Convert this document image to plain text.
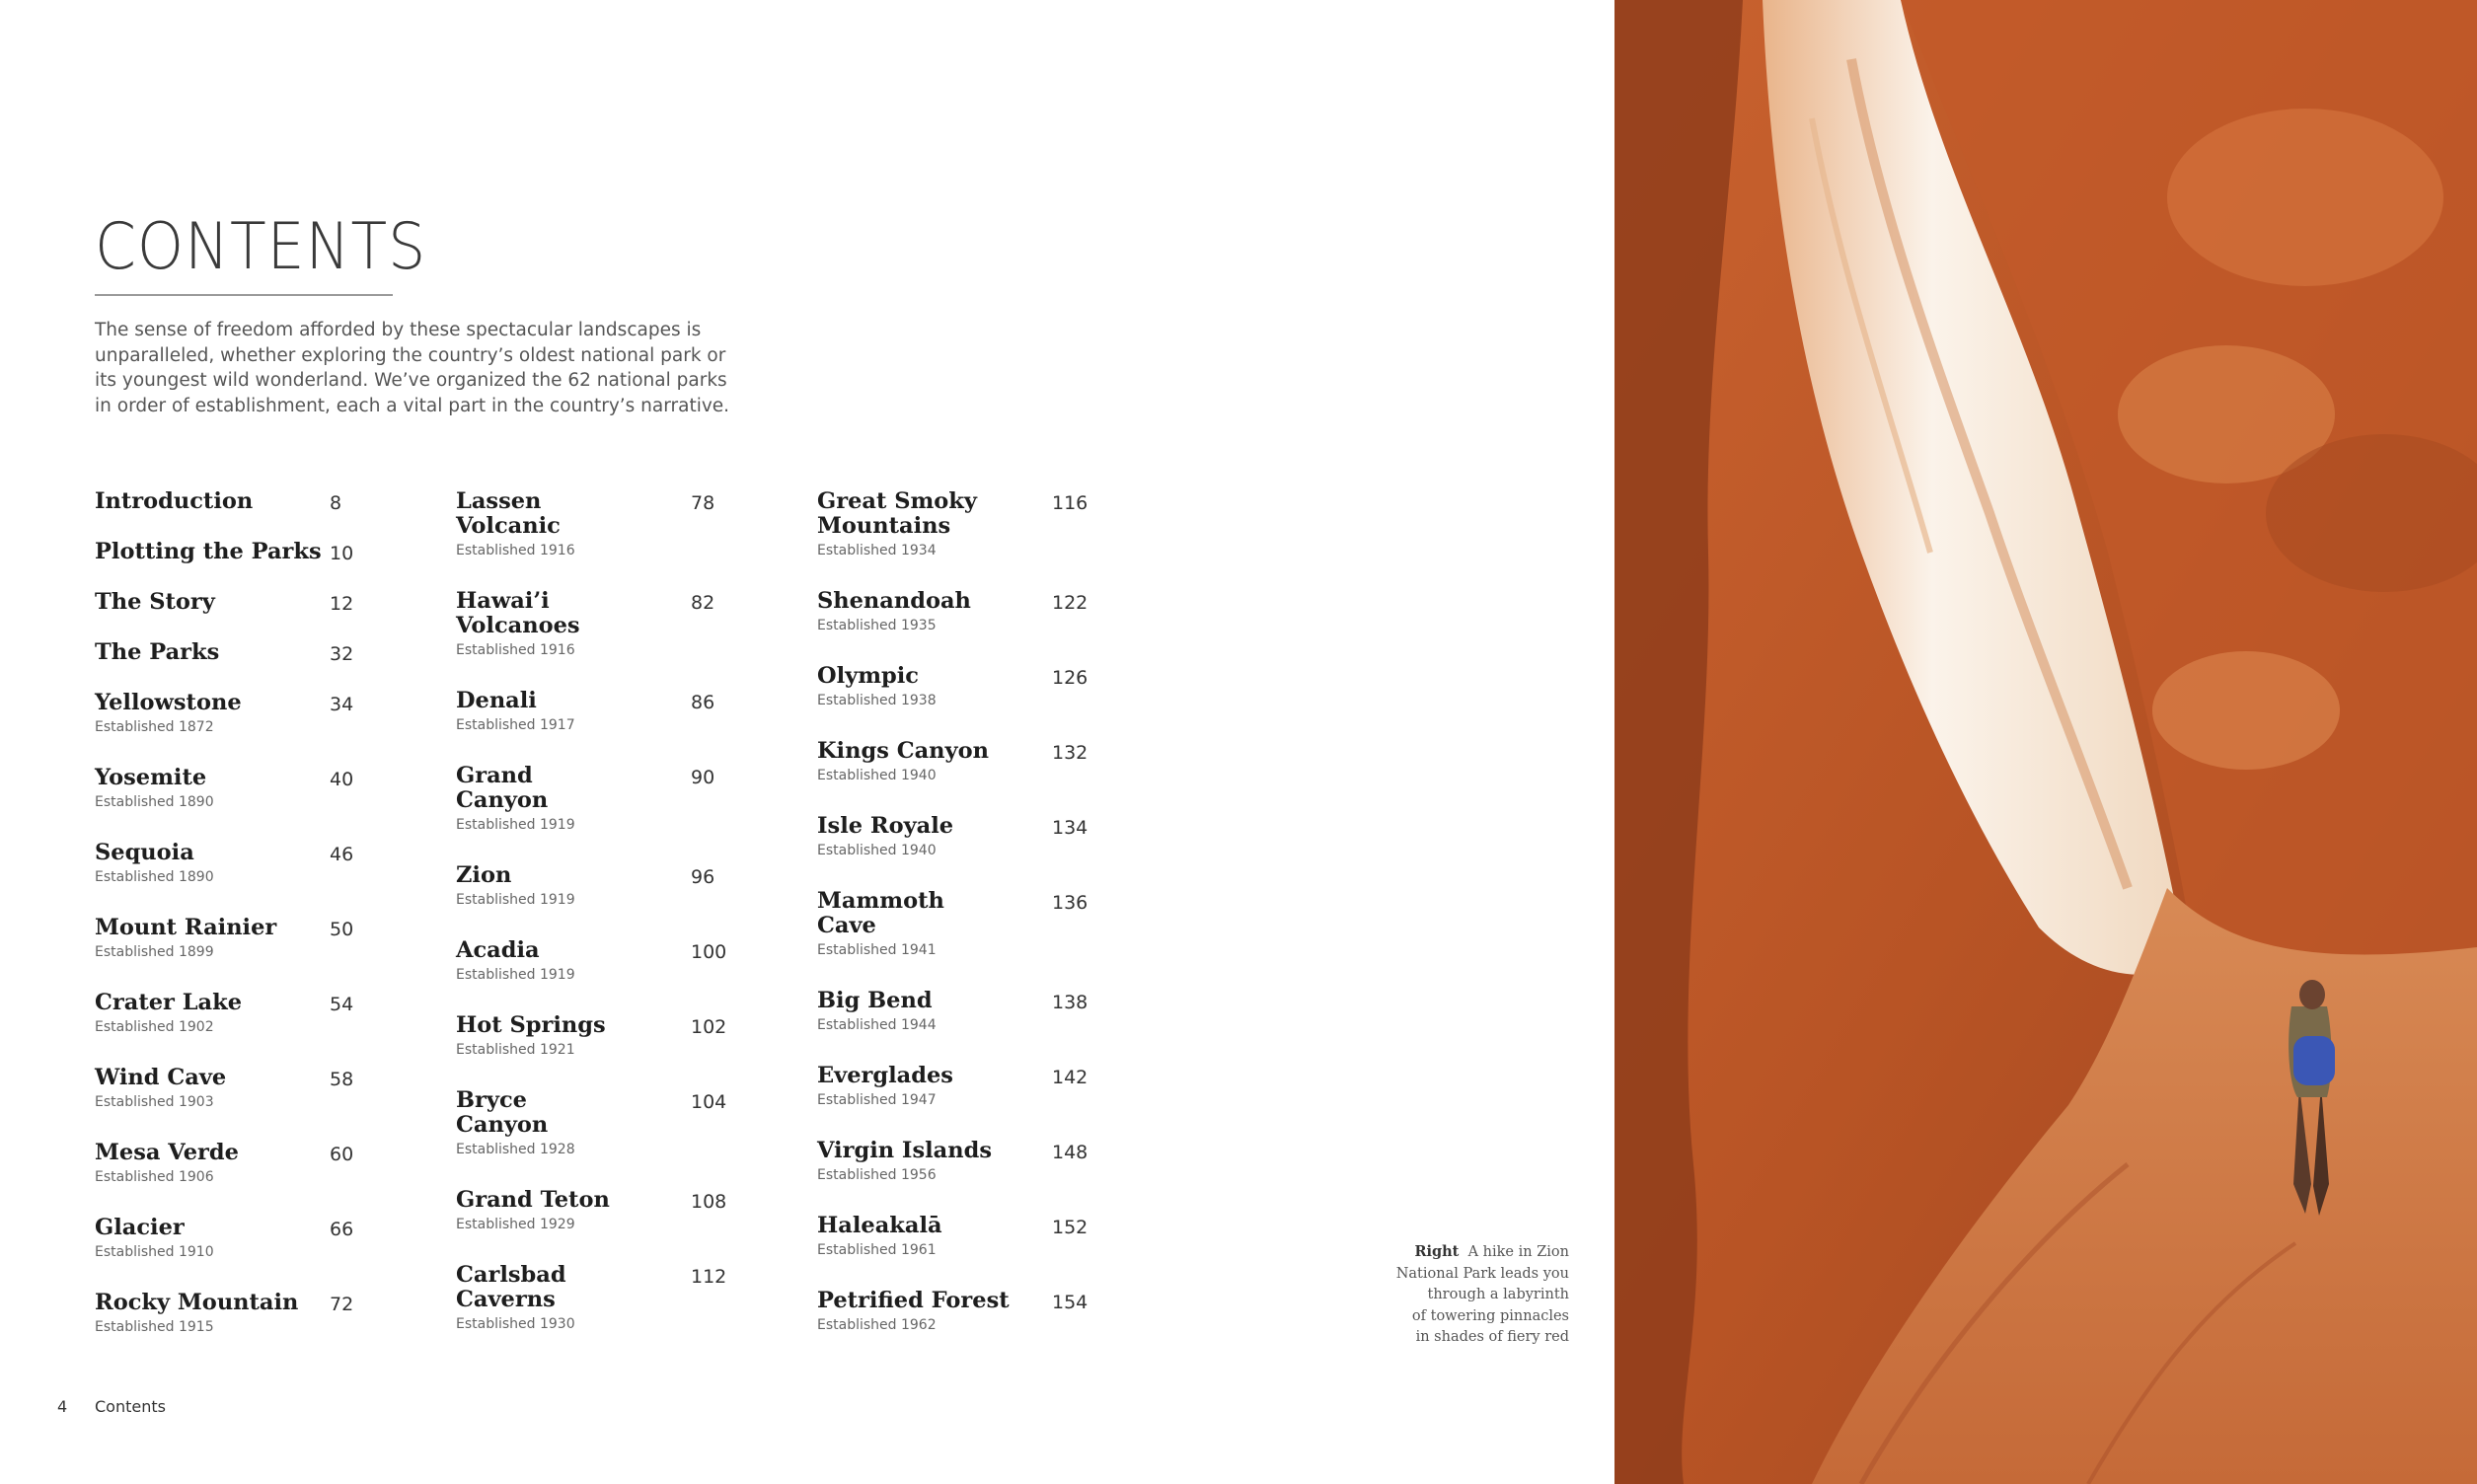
CONTENTS

The sense of freedom afforded by these spectacular landscapes is
unparalleled, whether exploring the country’s oldest national park or
its youngest wild wonderland. We’ve organized the 62 national parks
in order of establishment, each a vital part in the country’s narrative.

Introduction	8
Plotting the Parks 10
The Story	12
The Parks	32
Yellowstone	34
Established 1872
Yosemite	40
Established 1890
Sequoia	46
Established 1890
Mount Rainier	50
Established 1899
Crater Lake	54
Established 1902
Wind Cave	58
Established 1903
Mesa Verde	60
Established 1906
Glacier	66
Established 1910
Rocky Mountain	72
Established 1915
Lassen
Volcanic
78
Established 1916
Hawai’i
Volcanoes
82
Established 1916
Denali	86
Established 1917
Grand
Canyon
90
Established 1919
Zion	96
Established 1919
Acadia	100
Established 1919
Hot Springs	102
Established 1921
Bryce
Canyon
104
Established 1928
Grand Teton	108
Established 1929
Carlsbad
Caverns
112
Established 1930
Great Smoky
Mountains
116
Established 1934
Shenandoah	122
Established 1935
Olympic	126
Established 1938
Kings Canyon	132
Established 1940
Isle Royale	134
Established 1940
Mammoth
Cave
136
Established 1941
Big Bend	138
Established 1944
Everglades	142
Established 1947
Virgin Islands	148
Established 1956
Haleakalā	152
Established 1961
Petrified Forest	154
Established 1962

Right A hike in Zion
National Park leads you
through a labyrinth
of towering pinnacles
in shades of fiery red

4 Contents
